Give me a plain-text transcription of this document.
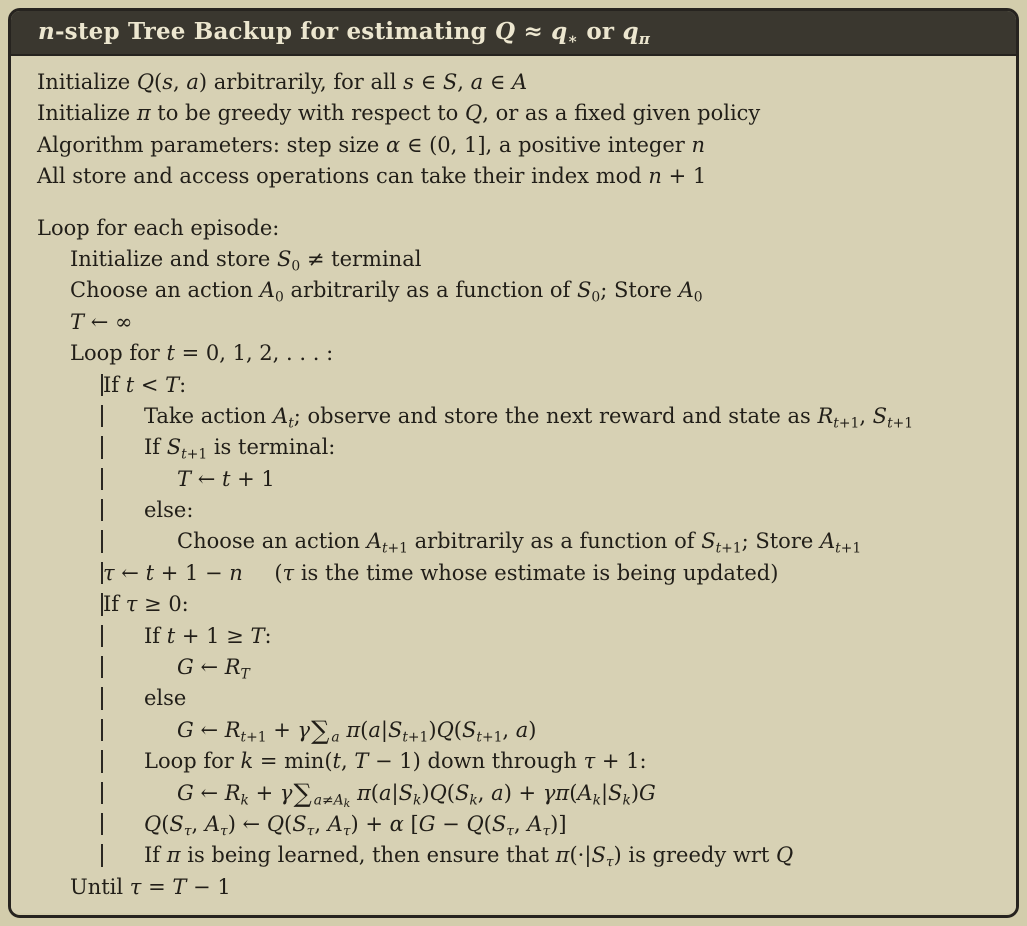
n-step Tree Backup for estimating $Q \approx q_∗$ or $q_\pi$
Initialize Q(s, a) arbitrarily, for all s ∈ S, a ∈ A
Initialize π to be greedy with respect to Q, or as a fixed given policy
Algorithm parameters: step size α ∈ (0, 1], a positive integer n
All store and access operations can take their index mod n + 1
Loop for each episode:
Initialize and store $S_0$ ≠ terminal
Choose an action $A_0$ arbitrarily as a function of $S_0$; Store $A_0$
T ← ∞
Loop for t = 0, 1, 2, . . . :
If t < T:
Take action $A_t$; observe and store the next reward and state as $R_{t+1}$, $S_{t+1}$
If $S_{t+1}$ is terminal:
T ← t + 1
else:
Choose an action $A_{t+1}$ arbitrarily as a function of $S_{t+1}$; Store $A_{t+1}$
τ ← t + 1 − n  (τ is the time whose estimate is being updated)
If τ ≥ 0:
If t + 1 ≥ T:
G ← $R_T$
else
G ← $R_{t+1} + \gamma\sum$ $_a$ $\pi(a|S_{t+1})Q(S_{t+1}$, a)
Loop for k = min(t, T − 1) down through τ + 1:
G ← $R_k + \gamma\sum$ $_{a\ne Ak}$ $\pi(a|S_k)Q(S_k$, $a) + \gamma\pi(A_k|S_k)G$
$Q(S_\tau$, $A_\tau$) ← $Q(S_\tau$, $A_\tau) + \alpha$ [$G - Q(S_\tau$, $A_\tau$)]
If π is being learned, then ensure that $\pi(\cdot|S_\tau)$ is greedy wrt Q
Until τ = T − 1
